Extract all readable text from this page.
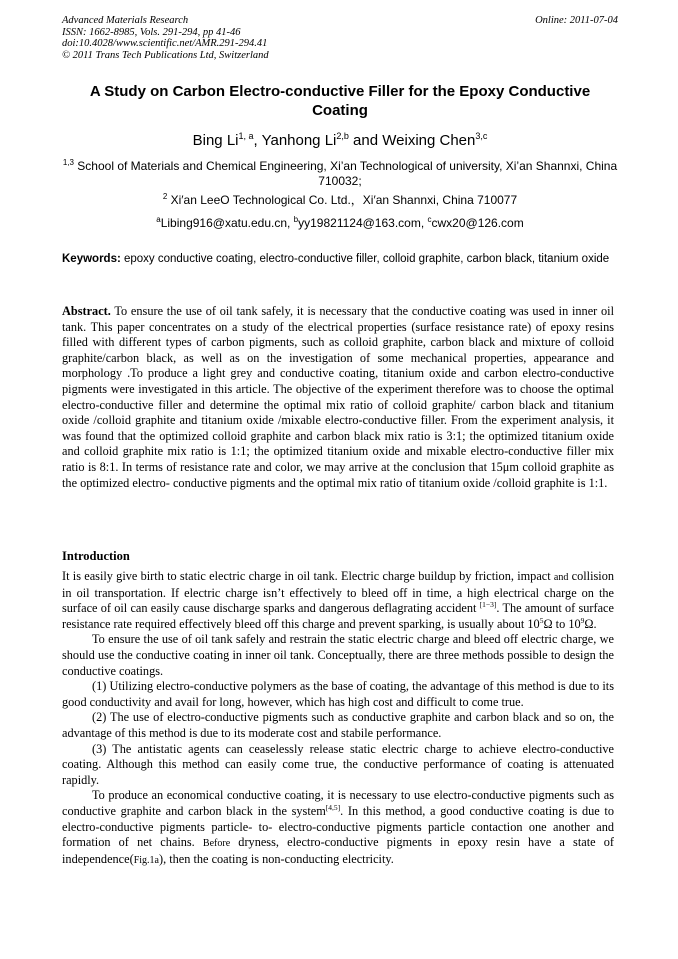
Advanced Materials Research
ISSN: 1662-8985, Vols. 291-294, pp 41-46
doi:10.4028/www.scientific.net/AMR.291-294.41
© 2011 Trans Tech Publications Ltd, Switzerland
Online: 2011-07-04
A Study on Carbon Electro-conductive Filler for the Epoxy Conductive Coating
Bing Li$^{1, a}$, Yanhong Li$^{2,b}$ and Weixing Chen$^{3,c}$
$^{1,3}$ School of Materials and Chemical Engineering, Xi’an Technological of university, Xi’an Shannxi, China 710032;
$^2$ Xi′an LeeO Technological Co. Ltd.，Xi′an Shannxi, China 710077
$^a$Libing916@xatu.edu.cn, $^b$yy19821124@163.com, $^c$cwx20@126.com
Keywords: epoxy conductive coating, electro-conductive filler, colloid graphite, carbon black, titanium oxide

Abstract. To ensure the use of oil tank safely, it is necessary that the conductive coating was used in inner oil tank. This paper concentrates on a study of the electrical properties (surface resistance rate) of epoxy resins filled with different types of carbon pigments, such as colloid graphite, carbon black and mixture of colloid graphite/carbon black, as well as on the investigation of some mechanical properties, appearance and morphology .To produce a light grey and conductive coating, titanium oxide and carbon electro-conductive pigments were investigated in this article. The objective of the experiment therefore was to choose the optimal electro-conductive filler and determine the optimal mix ratio of colloid graphite/ carbon black and titanium oxide /colloid graphite and titanium oxide /mixable electro-conductive filler. From the experiment analysis, it was found that the optimized colloid graphite and carbon black mix ratio is 3:1; the optimized titanium oxide and colloid graphite mix ratio is 1:1; the optimized titanium oxide and mixable electro-conductive filler mix ratio is 8:1. In terms of resistance rate and color, we may arrive at the conclusion that 15μm colloid graphite as the optimized electro- conductive pigments and the optimal mix ratio of titanium oxide /colloid graphite is 1:1.

Introduction

It is easily give birth to static electric charge in oil tank. Electric charge buildup by friction, impact and collision in oil transportation. If electric charge isn’t effectively to bleed off in time, a high electrical charge on the surface of oil can easily cause discharge sparks and dangerous deflagrating accident [1−3]. The amount of surface resistance rate required effectively bleed off this charge and prevent sparking, is usually about $10^5\Omega$ to $10^9\Omega$.

To ensure the use of oil tank safely and restrain the static electric charge and bleed off electric charge, we should use the conductive coating in inner oil tank. Conceptually, there are three methods possible to design the conductive coatings.

(1) Utilizing electro-conductive polymers as the base of coating, the advantage of this method is due to its good conductivity and avail for long, however, which has high cost and difficult to come true.

(2) The use of electro-conductive pigments such as conductive graphite and carbon black and so on, the advantage of this method is due to its moderate cost and stabile performance.

(3) The antistatic agents can ceaselessly release static electric charge to achieve electro-conductive coating. Although this method can easily come true, the conductive performance of coating is attenuated rapidly.

To produce an economical conductive coating, it is necessary to use electro-conductive pigments such as conductive graphite and carbon black in the system[4,5]. In this method, a good conductive coating is due to electro-conductive pigments particle- to- electro-conductive pigments particle contaction one another and formation of net chains. Before dryness, electro-conductive pigments in epoxy resin have a state of independence(Fig.1a), then the coating is non-conducting electricity.
